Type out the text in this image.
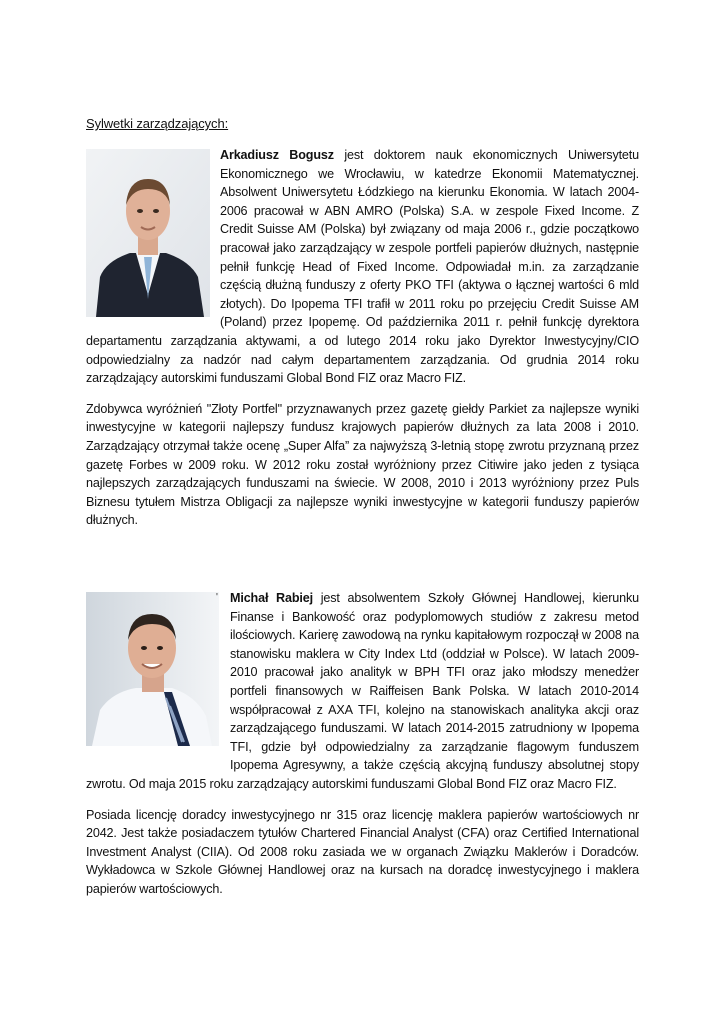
Sylwetki zarządzających:

Arkadiusz Bogusz jest doktorem nauk ekonomicznych Uniwersytetu Ekonomicznego we Wrocławiu, w katedrze Ekonomii Matematycznej. Absolwent Uniwersytetu Łódzkiego na kierunku Ekonomia. W latach 2004-2006 pracował w ABN AMRO (Polska) S.A. w zespole Fixed Income. Z Credit Suisse AM (Polska) był związany od maja 2006 r., gdzie początkowo pracował jako zarządzający w zespole portfeli papierów dłużnych, następnie pełnił funkcję Head of Fixed Income. Odpowiadał m.in. za zarządzanie częścią dłużną funduszy z oferty PKO TFI (aktywa o łącznej wartości 6 mld złotych). Do Ipopema TFI trafił w 2011 roku po przejęciu Credit Suisse AM (Poland) przez Ipopemę. Od października 2011 r. pełnił funkcję dyrektora departamentu zarządzania aktywami, a od lutego 2014 roku jako Dyrektor Inwestycyjny/CIO odpowiedzialny za nadzór nad całym departamentem zarządzania. Od grudnia 2014 roku zarządzający autorskimi funduszami Global Bond FIZ oraz Macro FIZ.

Zdobywca wyróżnień "Złoty Portfel" przyznawanych przez gazetę giełdy Parkiet za najlepsze wyniki inwestycyjne w kategorii najlepszy fundusz krajowych papierów dłużnych za lata 2008 i 2010. Zarządzający otrzymał także ocenę „Super Alfa” za najwyższą 3-letnią stopę zwrotu przyznaną przez gazetę Forbes w 2009 roku. W 2012 roku został wyróżniony przez Citiwire jako jeden z tysiąca najlepszych zarządzających funduszami na świecie. W 2008, 2010 i 2013 wyróżniony przez Puls Biznesu tytułem Mistrza Obligacji za najlepsze wyniki inwestycyjne w kategorii funduszy papierów dłużnych.

' Michał Rabiej jest absolwentem Szkoły Głównej Handlowej, kierunku Finanse i Bankowość oraz podyplomowych studiów z zakresu metod ilościowych. Karierę zawodową na rynku kapitałowym rozpoczął w 2008 na stanowisku maklera w City Index Ltd (oddział w Polsce). W latach 2009-2010 pracował jako analityk w BPH TFI oraz jako młodszy menedżer portfeli finansowych w Raiffeisen Bank Polska. W latach 2010-2014 współpracował z AXA TFI, kolejno na stanowiskach analityka akcji oraz zarządzającego funduszami. W latach 2014-2015 zatrudniony w Ipopema TFI, gdzie był odpowiedzialny za zarządzanie flagowym funduszem Ipopema Agresywny, a także częścią akcyjną funduszy absolutnej stopy zwrotu. Od maja 2015 roku zarządzający autorskimi funduszami Global Bond FIZ oraz Macro FIZ.

Posiada licencję doradcy inwestycyjnego nr 315 oraz licencję maklera papierów wartościowych nr 2042. Jest także posiadaczem tytułów Chartered Financial Analyst (CFA) oraz Certified International Investment Analyst (CIIA). Od 2008 roku zasiada we w organach Związku Maklerów i Doradców. Wykładowca w Szkole Głównej Handlowej oraz na kursach na doradcę inwestycyjnego i maklera papierów wartościowych.
